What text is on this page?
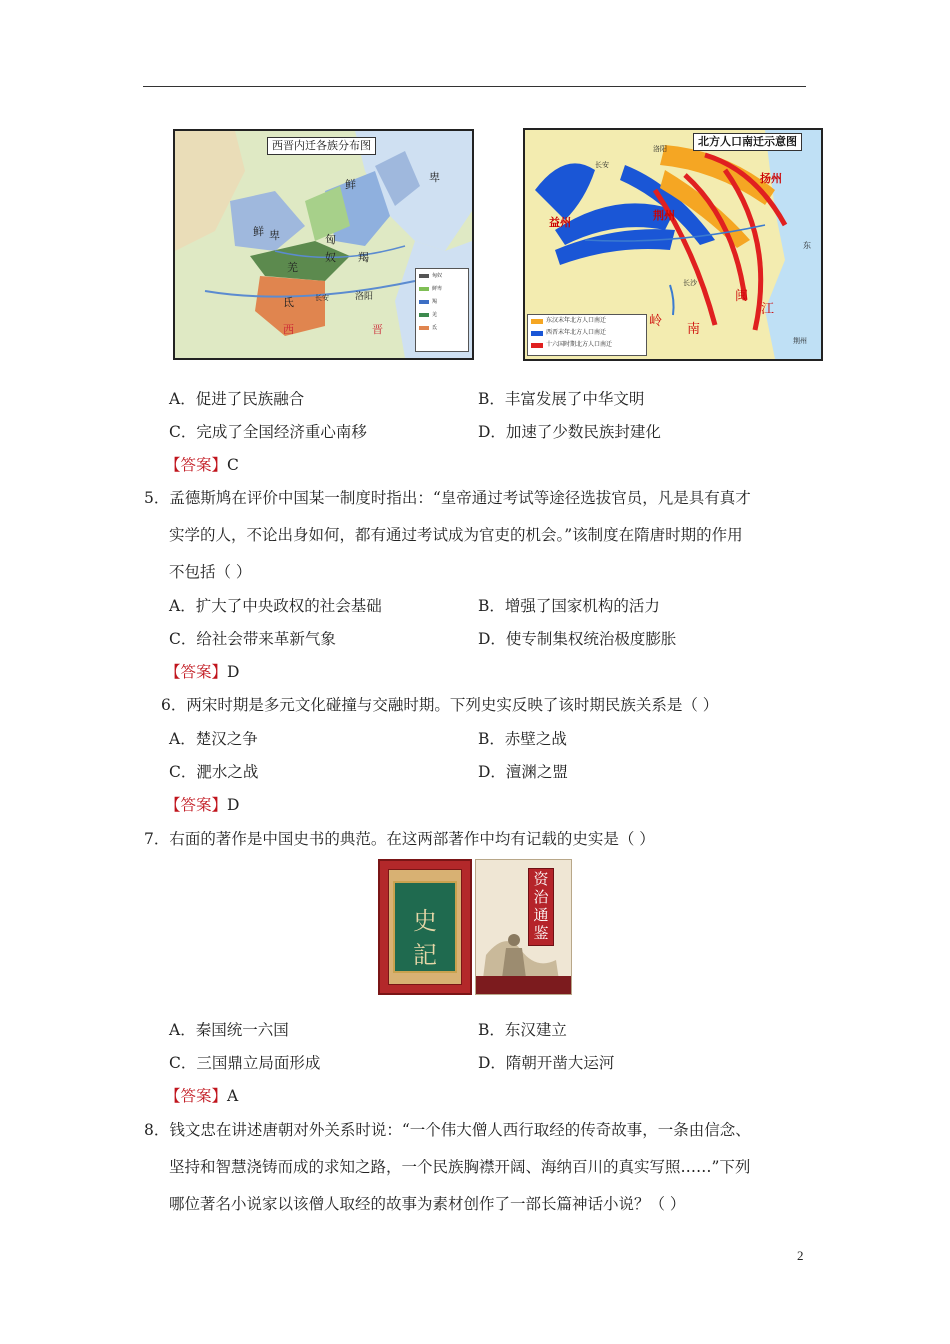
西晋内迁各族分布图
鲜
卑
鲜 卑	匈
奴 羯
氐
羌
长安	洛阳
西	晋
匈奴
鲜卑
羯
羌
氐
北方人口南迁示意图
扬州
荆州
益州
长安
洛阳
长沙
岭
南
闽
江
东
荆州
东汉末年北方人口南迁
西晋末年北方人口南迁
十六国时期北方人口南迁
A．促进了民族融合	B．丰富发展了中华文明
C．完成了全国经济重心南移	D．加速了少数民族封建化
【答案】C
5．孟德斯鸠在评价中国某一制度时指出：“皇帝通过考试等途径选拔官员，凡是具有真才
实学的人，不论出身如何，都有通过考试成为官吏的机会。”该制度在隋唐时期的作用
不包括（ ）
A．扩大了中央政权的社会基础	B．增强了国家机构的活力
C．给社会带来革新气象	D．使专制集权统治极度膨胀
【答案】D
6．两宋时期是多元文化碰撞与交融时期。下列史实反映了该时期民族关系是（ ）
A．楚汉之争	B．赤壁之战
C．淝水之战	D．澶渊之盟
【答案】D
7．右面的著作是中国史书的典范。在这两部著作中均有记载的史实是（ ）
史
記
资
治
通
鉴
A．秦国统一六国	B．东汉建立
C．三国鼎立局面形成	D．隋朝开凿大运河
【答案】A
8．钱文忠在讲述唐朝对外关系时说：“一个伟大僧人西行取经的传奇故事，一条由信念、
坚持和智慧浇铸而成的求知之路，一个民族胸襟开阔、海纳百川的真实写照……”下列
哪位著名小说家以该僧人取经的故事为素材创作了一部长篇神话小说？（ ）
2
